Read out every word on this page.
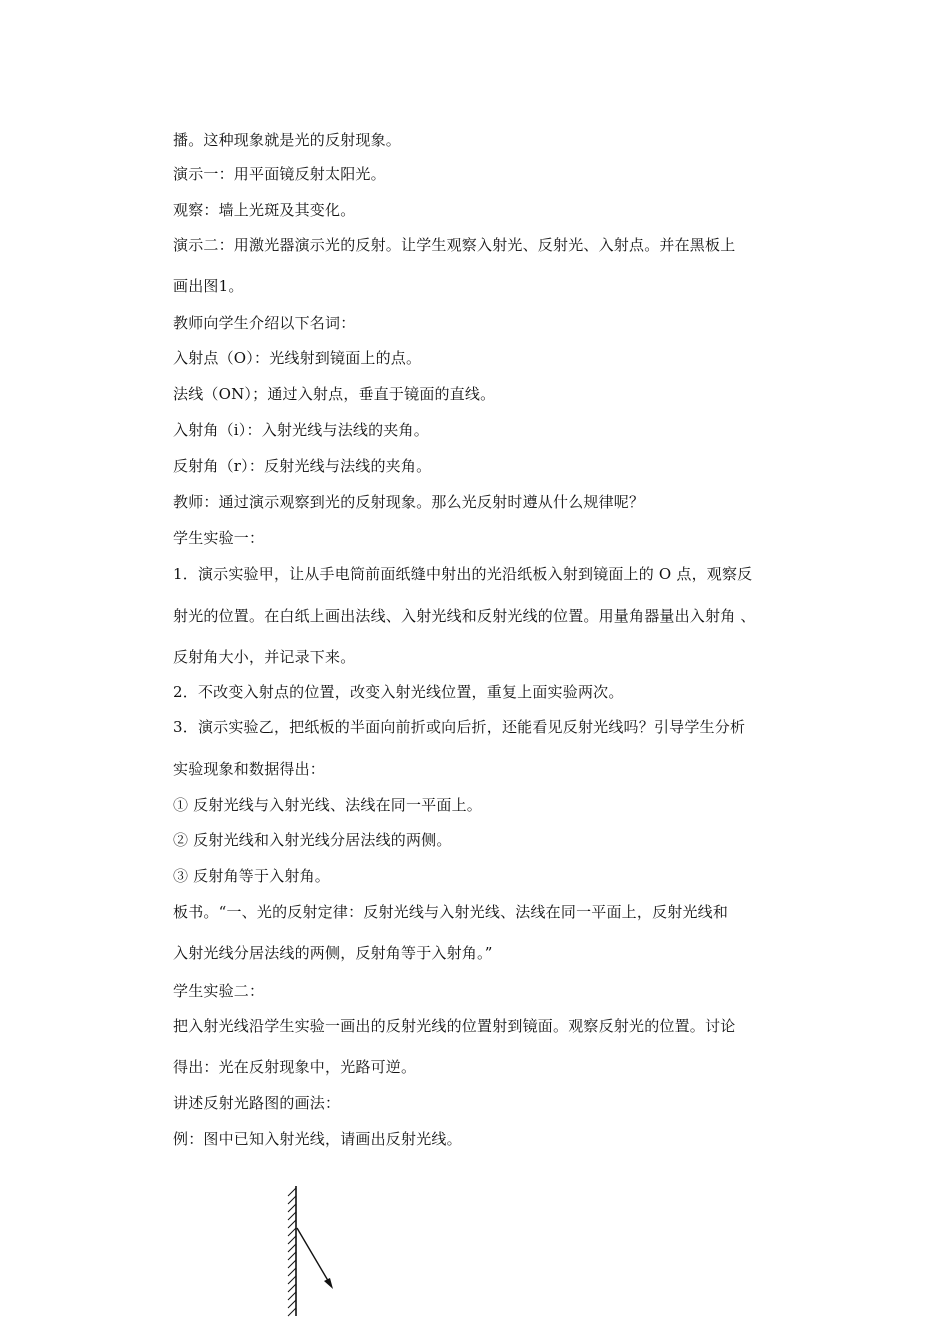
播。这种现象就是光的反射现象。
演示一：用平面镜反射太阳光。
观察：墙上光斑及其变化。
演示二：用激光器演示光的反射。让学生观察入射光、反射光、入射点。并在黑板上
画出图1。
教师向学生介绍以下名词：
入射点（O）：光线射到镜面上的点。
法线（ON）；通过入射点，垂直于镜面的直线。
入射角（i）：入射光线与法线的夹角。
反射角（r）：反射光线与法线的夹角。
教师：通过演示观察到光的反射现象。那么光反射时遵从什么规律呢？
学生实验一：
1．演示实验甲，让从手电筒前面纸缝中射出的光沿纸板入射到镜面上的 O 点，观察反
射光的位置。在白纸上画出法线、入射光线和反射光线的位置。用量角器量出入射角 、
反射角大小，并记录下来。
2．不改变入射点的位置，改变入射光线位置，重复上面实验两次。
3．演示实验乙，把纸板的半面向前折或向后折，还能看见反射光线吗？引导学生分析
实验现象和数据得出：
① 反射光线与入射光线、法线在同一平面上。
② 反射光线和入射光线分居法线的两侧。
③ 反射角等于入射角。
板书。“一、光的反射定律：反射光线与入射光线、法线在同一平面上，反射光线和
入射光线分居法线的两侧，反射角等于入射角。”
学生实验二：
把入射光线沿学生实验一画出的反射光线的位置射到镜面。观察反射光的位置。讨论
得出：光在反射现象中，光路可逆。
讲述反射光路图的画法：
例：图中已知入射光线，请画出反射光线。
